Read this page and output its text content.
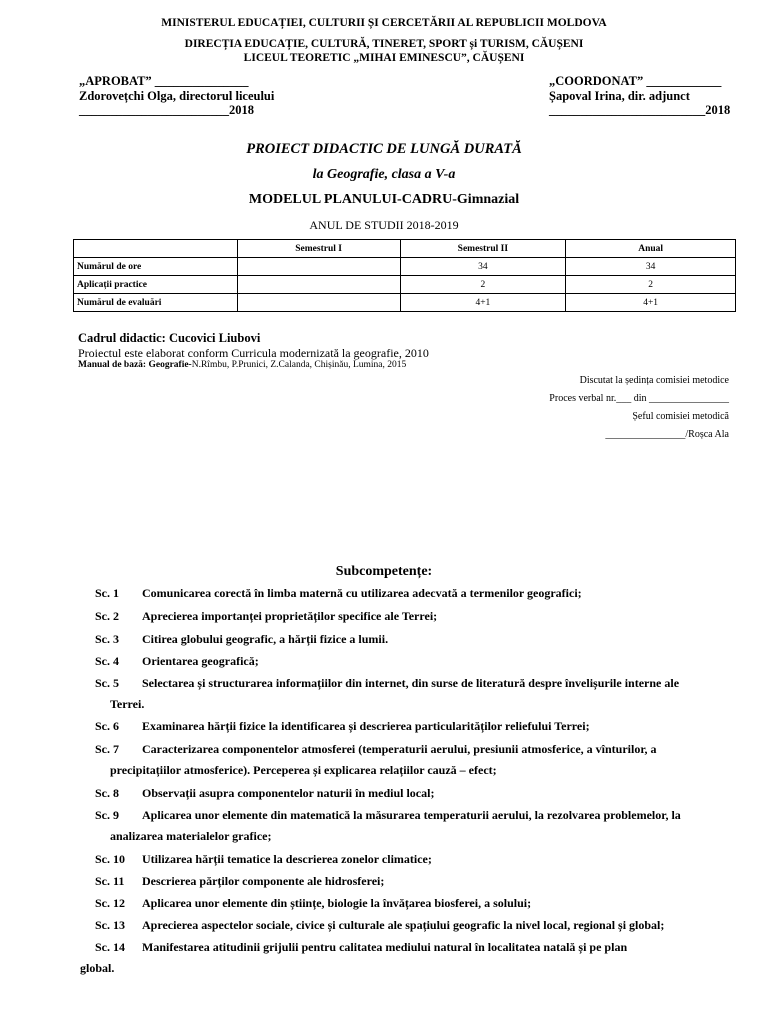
MINISTERUL EDUCAȚIEI, CULTURII ȘI CERCETĂRII AL REPUBLICII MOLDOVA
DIRECȚIA EDUCAȚIE, CULTURĂ, TINERET, SPORT și TURISM, CĂUȘENI
LICEUL TEORETIC „MIHAI EMINESCU”, CĂUȘENI
„APROBAT” _______________
Zdorovețchi Olga, directorul liceului
________________________2018
„COORDONAT” ____________
Șapoval Irina, dir. adjunct
_________________________2018
PROIECT DIDACTIC DE LUNGĂ DURATĂ
la Geografie, clasa a V-a
MODELUL PLANULUI-CADRU-Gimnazial
ANUL DE STUDII 2018-2019
	Semestrul I	Semestrul II	Anual
Numărul de ore		34	34
Aplicații practice		2	2
Numărul de evaluări		4+1	4+1
Cadrul didactic: Cucovici Liubovi
Proiectul este elaborat conform Curricula modernizată la geografie, 2010
Manual de bază: Geografie-N.Rîmbu, P.Prunici, Z.Calanda, Chișinău, Lumina, 2015
Discutat la ședința comisiei metodice
Proces verbal nr.___ din ________________
Șeful comisiei metodică
________________/Roșca Ala
Subcompetențe:
Sc. 1	Comunicarea corectă în limba maternă cu utilizarea adecvată a termenilor geografici;
Sc. 2	Aprecierea importanței proprietăților specifice ale Terrei;
Sc. 3	Citirea globului geografic, a hărții fizice a lumii.
Sc. 4	Orientarea geografică;
Sc. 5	Selectarea și structurarea informațiilor din internet, din surse de literatură despre învelișurile interne ale
Terrei.
Sc. 6	Examinarea hărții fizice la identificarea și descrierea particularităților reliefului Terrei;
Sc. 7	Caracterizarea componentelor atmosferei (temperaturii aerului, presiunii atmosferice, a vînturilor, a
precipitațiilor atmosferice). Perceperea și explicarea relațiilor cauză – efect;
Sc. 8	Observații asupra componentelor naturii în mediul local;
Sc. 9	Aplicarea unor elemente din matematică la măsurarea temperaturii aerului, la rezolvarea problemelor, la
analizarea materialelor grafice;
Sc. 10	Utilizarea hărții tematice la descrierea zonelor climatice;
Sc. 11	Descrierea părților componente ale hidrosferei;
Sc. 12	Aplicarea unor elemente din științe, biologie la învățarea biosferei, a solului;
Sc. 13	Aprecierea aspectelor sociale, civice și culturale ale spațiului geografic la nivel local, regional și global;
Sc. 14	Manifestarea atitudinii grijulii pentru calitatea mediului natural în localitatea natală și pe plan
global.
